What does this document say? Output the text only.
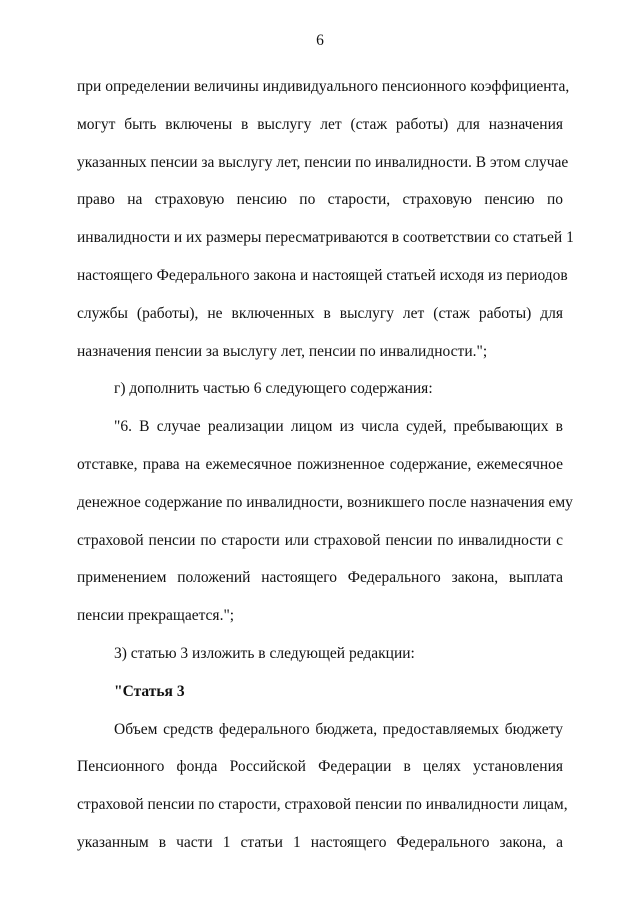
6
при определении величины индивидуального пенсионного коэффициента,
могут быть включены в выслугу лет (стаж работы) для назначения
указанных пенсии за выслугу лет, пенсии по инвалидности. В этом случае
право на страховую пенсию по старости, страховую пенсию по
инвалидности и их размеры пересматриваются в соответствии со статьей 1
настоящего Федерального закона и настоящей статьей исходя из периодов
службы (работы), не включенных в выслугу лет (стаж работы) для
назначения пенсии за выслугу лет, пенсии по инвалидности.";
г) дополнить частью 6 следующего содержания:
"6. В случае реализации лицом из числа судей, пребывающих в
отставке, права на ежемесячное пожизненное содержание, ежемесячное
денежное содержание по инвалидности, возникшего после назначения ему
страховой пенсии по старости или страховой пенсии по инвалидности с
применением положений настоящего Федерального закона, выплата
пенсии прекращается.";
3) статью 3 изложить в следующей редакции:
"Статья 3
Объем средств федерального бюджета, предоставляемых бюджету
Пенсионного фонда Российской Федерации в целях установления
страховой пенсии по старости, страховой пенсии по инвалидности лицам,
указанным в части 1 статьи 1 настоящего Федерального закона, а
